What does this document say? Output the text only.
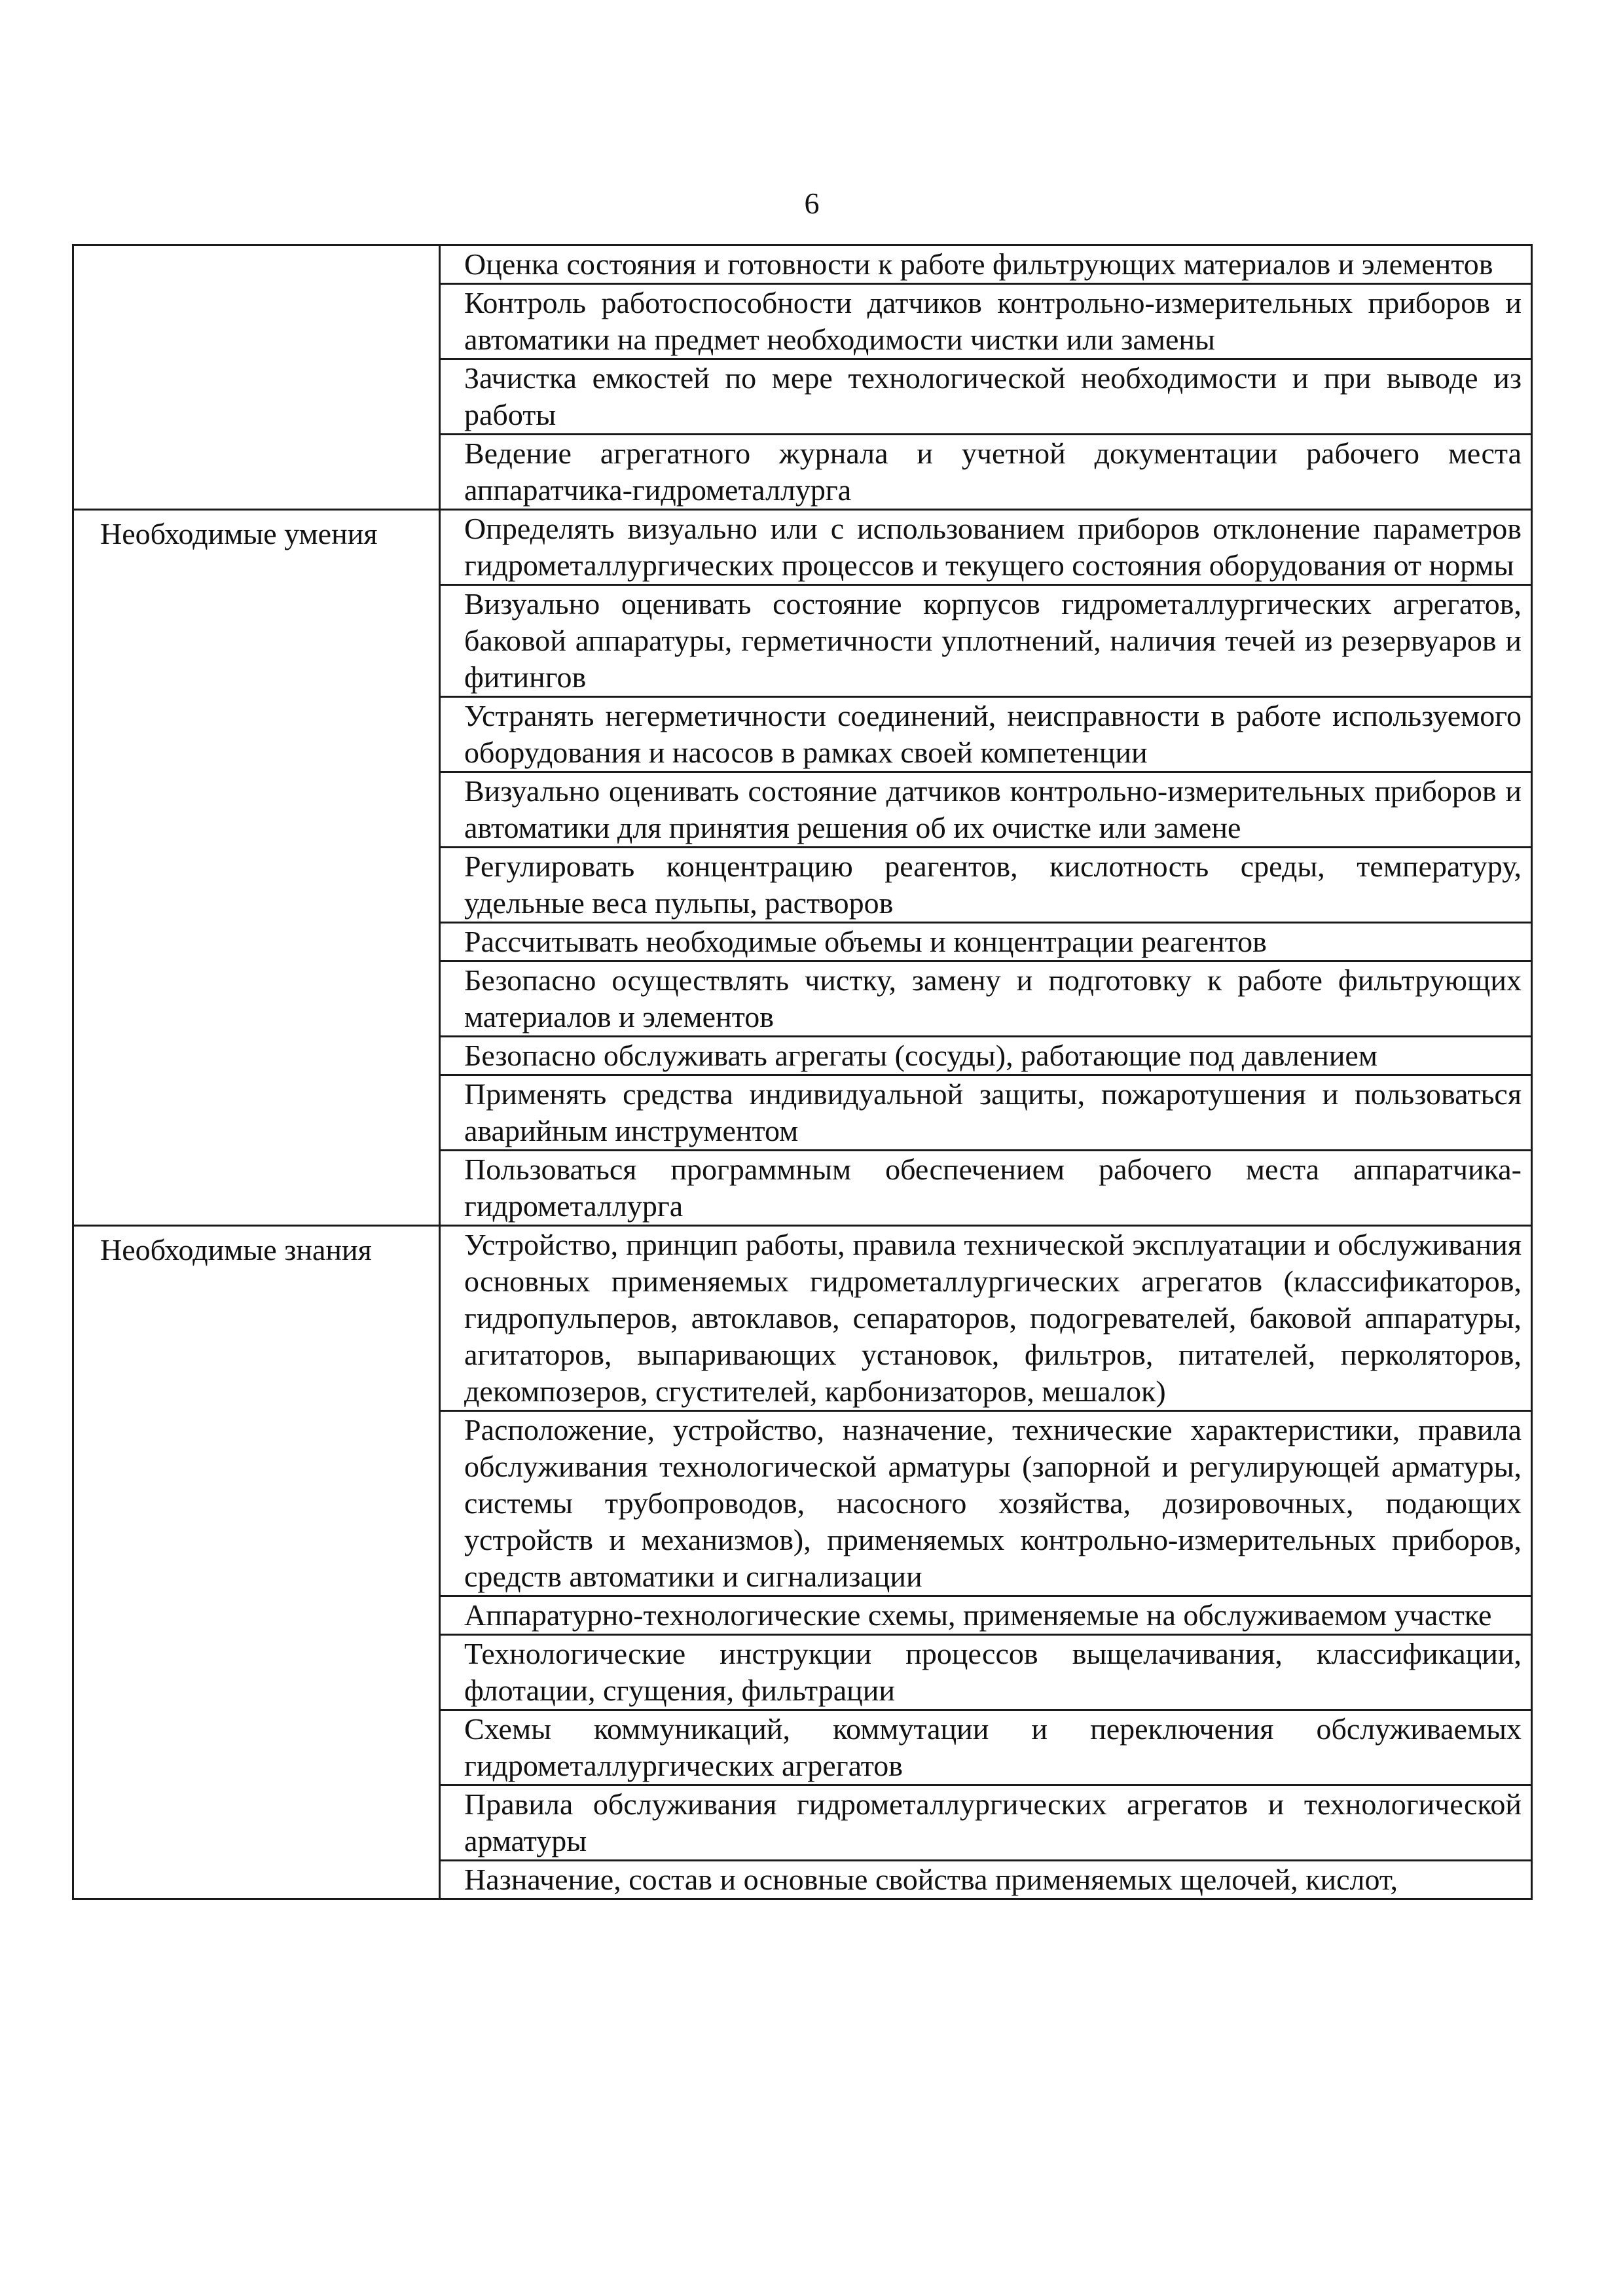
6
	Оценка состояния и готовности к работе фильтрующих материалов и элементов
	Контроль работоспособности датчиков контрольно-измерительных приборов и автоматики на предмет необходимости чистки или замены
	Зачистка емкостей по мере технологической необходимости и при выводе из работы
	Ведение агрегатного журнала и учетной документации рабочего места аппаратчика-гидрометаллурга
Необходимые умения	Определять визуально или с использованием приборов отклонение параметров гидрометаллургических процессов и текущего состояния оборудования от нормы
	Визуально оценивать состояние корпусов гидрометаллургических агрегатов, баковой аппаратуры, герметичности уплотнений, наличия течей из резервуаров и фитингов
	Устранять негерметичности соединений, неисправности в работе используемого оборудования и насосов в рамках своей компетенции
	Визуально оценивать состояние датчиков контрольно-измерительных приборов и автоматики для принятия решения об их очистке или замене
	Регулировать концентрацию реагентов, кислотность среды, температуру, удельные веса пульпы, растворов
	Рассчитывать необходимые объемы и концентрации реагентов
	Безопасно осуществлять чистку, замену и подготовку к работе фильтрующих материалов и элементов
	Безопасно обслуживать агрегаты (сосуды), работающие под давлением
	Применять средства индивидуальной защиты, пожаротушения и пользоваться аварийным инструментом
	Пользоваться программным обеспечением рабочего места аппаратчика-гидрометаллурга
Необходимые знания	Устройство, принцип работы, правила технической эксплуатации и обслуживания основных применяемых гидрометаллургических агрегатов (классификаторов, гидропульперов, автоклавов, сепараторов, подогревателей, баковой аппаратуры, агитаторов, выпаривающих установок, фильтров, питателей, перколяторов, декомпозеров, сгустителей, карбонизаторов, мешалок)
	Расположение, устройство, назначение, технические характеристики, правила обслуживания технологической арматуры (запорной и регулирующей арматуры, системы трубопроводов, насосного хозяйства, дозировочных, подающих устройств и механизмов), применяемых контрольно-измерительных приборов, средств автоматики и сигнализации
	Аппаратурно-технологические схемы, применяемые на обслуживаемом участке
	Технологические инструкции процессов выщелачивания, классификации, флотации, сгущения, фильтрации
	Схемы коммуникаций, коммутации и переключения обслуживаемых гидрометаллургических агрегатов
	Правила обслуживания гидрометаллургических агрегатов и технологической арматуры
	Назначение, состав и основные свойства применяемых щелочей, кислот,
